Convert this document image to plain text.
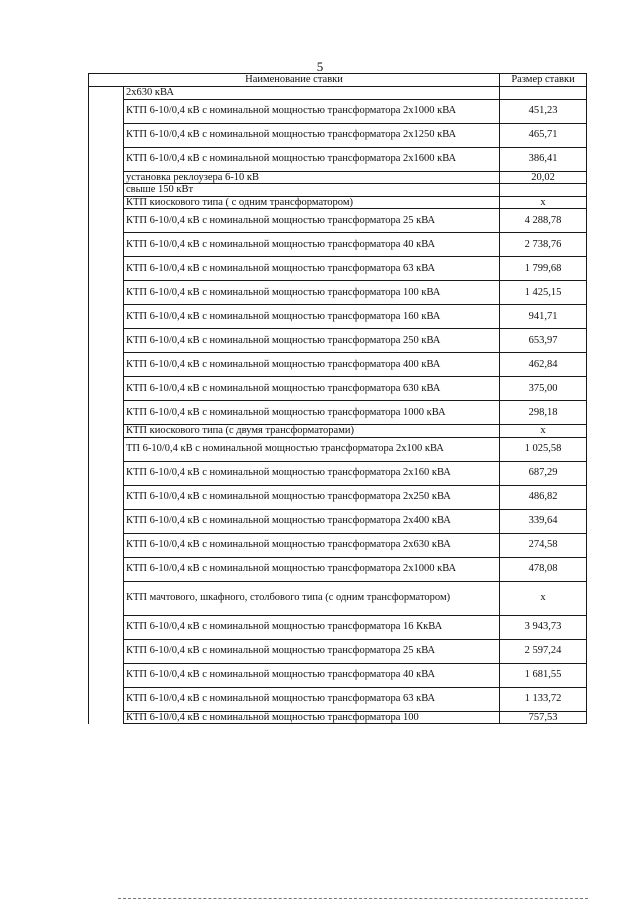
5
Наименование ставки		Размер ставки
	2х630 кВА	
	КТП 6-10/0,4 кВ с номинальной мощностью трансформатора 2х1000 кВА	451,23
	КТП 6-10/0,4 кВ с номинальной мощностью трансформатора 2х1250 кВА	465,71
	КТП 6-10/0,4 кВ с номинальной мощностью трансформатора 2х1600 кВА	386,41
	установка реклоузера 6-10 кВ	20,02
	свыше 150 кВт	
	КТП киоскового типа ( с одним трансформатором)	x
	КТП 6-10/0,4 кВ с номинальной мощностью трансформатора 25 кВА	4 288,78
	КТП 6-10/0,4 кВ с номинальной мощностью трансформатора 40 кВА	2 738,76
	КТП 6-10/0,4 кВ с номинальной мощностью трансформатора 63 кВА	1 799,68
	КТП 6-10/0,4 кВ с номинальной мощностью трансформатора 100 кВА	1 425,15
	КТП 6-10/0,4 кВ с номинальной мощностью трансформатора 160 кВА	941,71
	КТП 6-10/0,4 кВ с номинальной мощностью трансформатора 250 кВА	653,97
	КТП 6-10/0,4 кВ с номинальной мощностью трансформатора 400 кВА	462,84
	КТП 6-10/0,4 кВ с номинальной мощностью трансформатора 630 кВА	375,00
	КТП 6-10/0,4 кВ с номинальной мощностью трансформатора 1000 кВА	298,18
	КТП киоскового типа (с двумя трансформаторами)	x
	ТП 6-10/0,4 кВ с номинальной мощностью трансформатора 2х100 кВА	1 025,58
	КТП 6-10/0,4 кВ с номинальной мощностью трансформатора 2х160 кВА	687,29
	КТП 6-10/0,4 кВ с номинальной мощностью трансформатора 2х250 кВА	486,82
	КТП 6-10/0,4 кВ с номинальной мощностью трансформатора 2х400 кВА	339,64
	КТП 6-10/0,4 кВ с номинальной мощностью трансформатора 2х630 кВА	274,58
	КТП 6-10/0,4 кВ с номинальной мощностью трансформатора 2х1000 кВА	478,08
	КТП мачтового, шкафного, столбового типа (с одним трансформатором)	x
	КТП 6-10/0,4 кВ с номинальной мощностью трансформатора 16 КкВА	3 943,73
	КТП 6-10/0,4 кВ с номинальной мощностью трансформатора 25 кВА	2 597,24
	КТП 6-10/0,4 кВ с номинальной мощностью трансформатора 40 кВА	1 681,55
	КТП 6-10/0,4 кВ с номинальной мощностью трансформатора 63 кВА	1 133,72
	КТП 6-10/0,4 кВ с номинальной мощностью трансформатора 100	757,53
